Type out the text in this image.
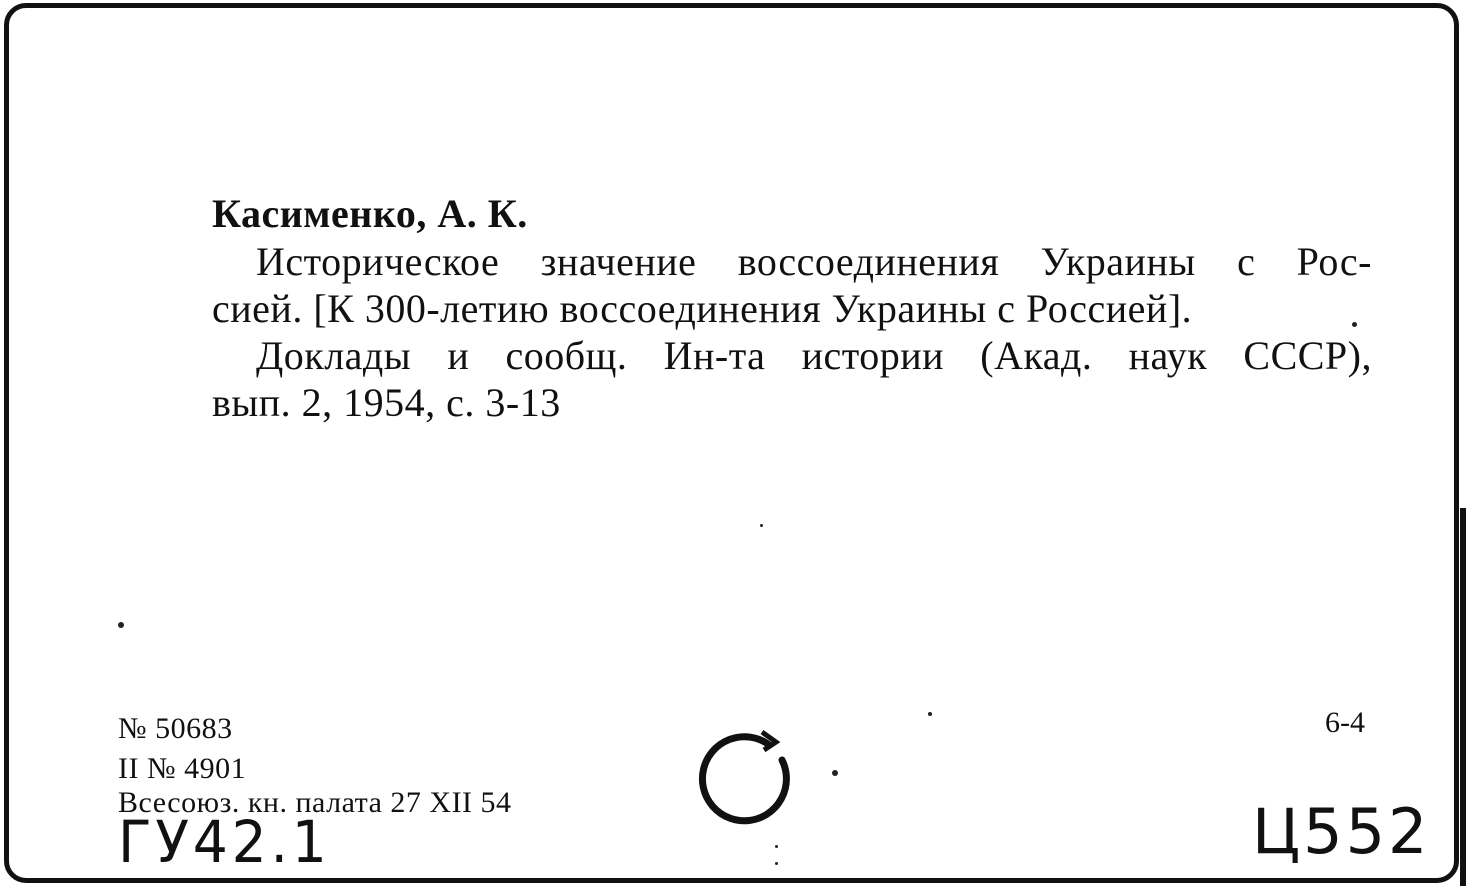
Касименко, А. К.

Историческое значение воссоединения Украины с Рос-
сией. [К 300-летию воссоединения Украины с Россией].

Доклады и сообщ. Ин-та истории (Акад. наук СССР),
вып. 2, 1954, с. 3-13

№ 50683
II № 4901
Всесоюз. кн. палата 27 XII 54
6-4
ГУ42.1	Ц552
